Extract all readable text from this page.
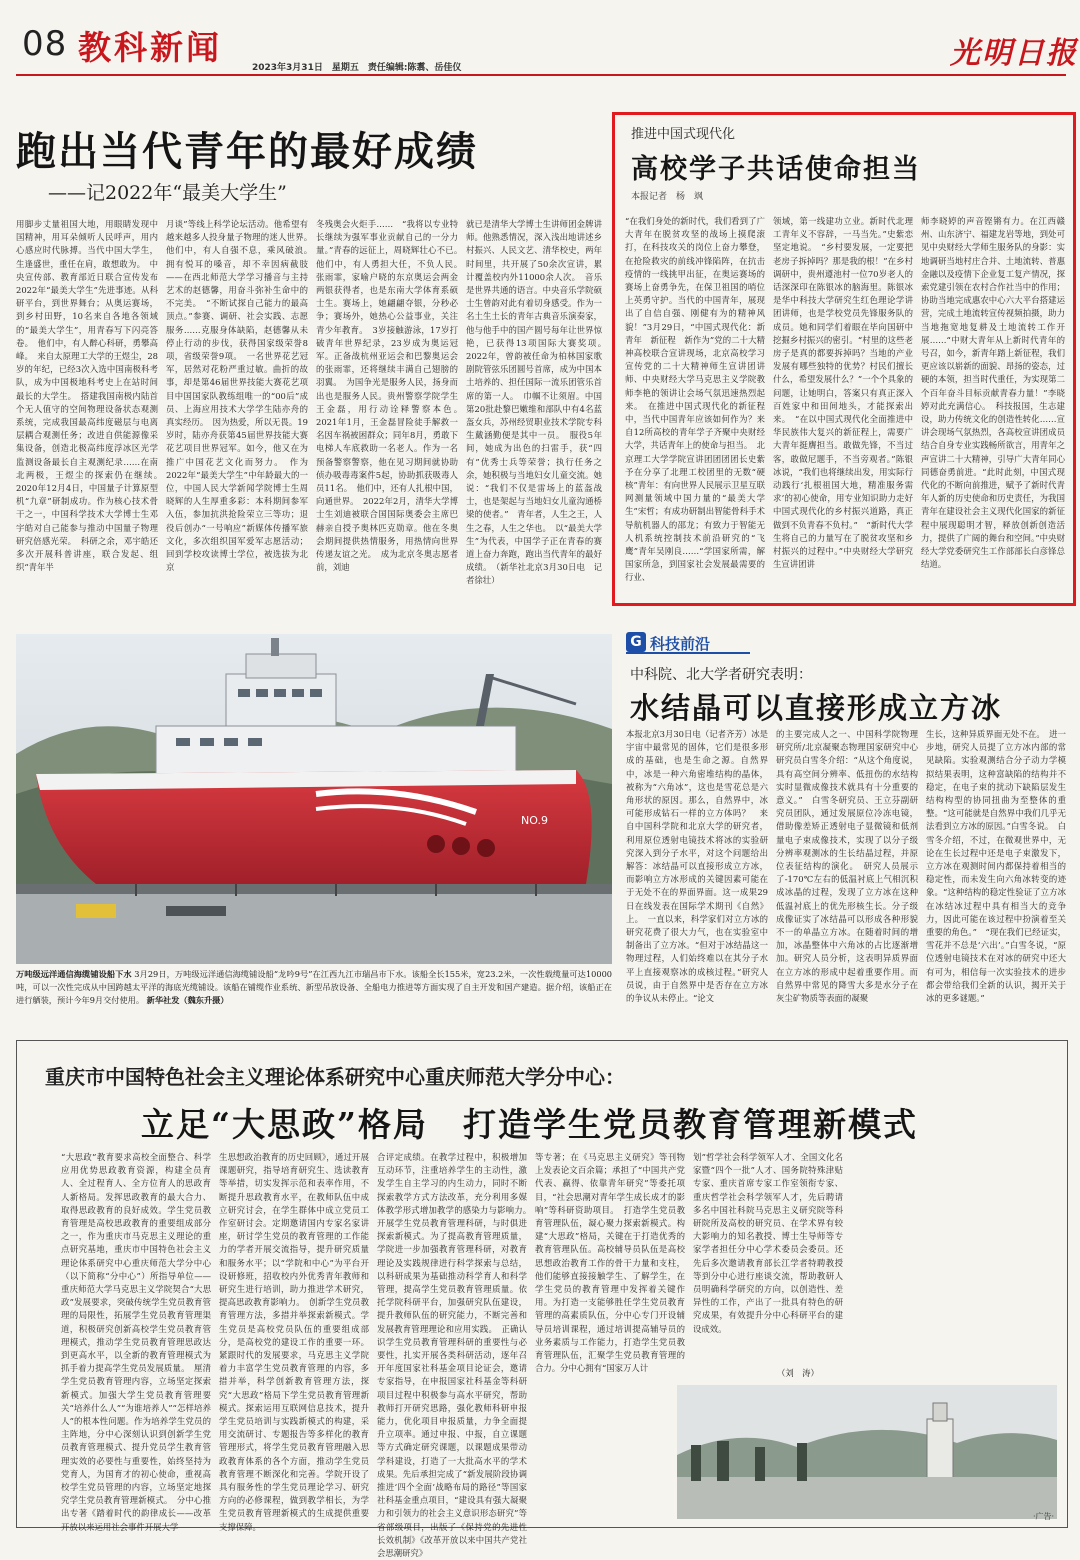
08 教科新闻
2023年3月31日　星期五　责任编辑:陈翥、岳佳仪	光明日报
跑出当代青年的最好成绩
——记2022年“最美大学生”
用脚步丈量祖国大地，用眼睛发现中国精神，用耳朵倾听人民呼声，用内心感应时代脉搏。当代中国大学生，生逢盛世，重任在肩，敢想敢为。　中央宣传部、教育部近日联合宣传发布2022年“最美大学生”先进事迹。从科研平台，到世界舞台；从奥运赛场，到乡村田野，10名来自各地各领域的“最美大学生”，用青春写下闪亮答卷。　他们中，有人醉心科研，勇攀高峰。　来自太原理工大学的王煜尘，28岁的年纪，已经3次入选中国南极科考队，成为中国极地科考史上在站时间最长的大学生。　搭建我国南极内陆首个无人值守的空间物理设备状态观测系统，完成我国最高纬度磁层与电离层耦合观测任务；改进自供能源像采集设备，创造北极高纬度浮冰区光学监测设备最长自主观测纪录……在南北两极，王煜尘的探索仍在继续。　2020年12月4日，中国量子计算原型机“九章”研制成功。作为核心技术骨干之一，中国科学技术大学博士生邓宇皓对自己能参与推动中国量子物理研究倍感光荣。　科研之余，邓宇皓还多次开展科普讲座，联合发起、组织“青年半
月谈”等线上科学论坛活动。他希望有越来越多人投身量子物理的迷人世界。　他们中，有人自强不息，乘风破浪。　拥有悦耳的嗓音，却不幸因病截肢——在西北师范大学学习播音与主持艺术的赵德馨，用奋斗弥补生命中的不完美。　“不断试探自己能力的最高顶点。”参赛、调研、社会实践、志愿服务……克服身体缺陷，赵德馨从未停止行动的步伐，获得国家级荣誉8项，省级荣誉9项。　一名世界花艺冠军，居然对花粉严重过敏。曲折的故事，却是第46届世界技能大赛花艺项目中国国家队教练组唯一的“00后”成员、上海应用技术大学学生陆亦舟的真实经历。　因为热爱，所以无畏。19岁时，陆亦舟获第45届世界技能大赛花艺项目世界冠军。如今，他又在为推广中国花艺文化而努力。　作为2022年“最美大学生”中年龄最大的一位，中国人民大学新闻学院博士生周晓辉的人生厚重多彩：本科期间参军入伍，参加抗洪抢险荣立三等功；退役后创办“一号响应”新媒体传播军旅文化，多次组织国军爱军志愿活动；回到学校攻读博士学位，被选拔为北京
冬残奥会火炬手……　“我将以专业特长继续为强军事业贡献自己的一分力量。”青春的远征上，周晓辉壮心不已。　他们中，有人勇担大任，不负人民。　张雨霏，家喻户晓的东京奥运会两金两银获得者，也是东南大学体育系硕士生。赛场上，她翩翩夺银，分秒必争；赛场外，她热心公益事业，关注青少年教育。　3岁接触游泳，17岁打破青年世界纪录，23岁成为奥运冠军。正备战杭州亚运会和巴黎奥运会的张雨霏，还将继续丰满自己翅膀的羽翼。　为国争光是服务人民，扬身而出也是服务人民。贵州警察学院学生王金磊，用行动诠释警察本色。　2021年1月，王金磊冒险徒手解救一名因车祸被困群众；同年8月，勇敢下电梯人车底救助一名老人。作为一名预备警察警察，他在见习期间就协助侦办吸毒毒案件5起，协助抓获吸毒人员11名。　他们中，还有人扎根中国，向通世界。　2022年2月，清华大学博士生刘迪被联合国国际奥委会主席巴赫亲自授予奥林匹克勋章。他在冬奥会期间提供热情服务，用热情向世界传递友谊之光。　成为北京冬奥志愿者前，刘迪
就已是清华大学博士生讲师团金牌讲师。他熟悉情况，深入浅出地讲述乡村振兴、人民文艺、清华校史，两年时间里，共开展了50余次宣讲，累计覆盖校内外11000余人次。　音乐是世界共通的语言。中央音乐学院硕士生曾韵对此有着切身感受。作为一名土生土长的青年古典音乐演奏家，他与他手中的国产圆号每年让世界惊艳，已获得13项国际大赛奖项。　2022年，曾韵被任命为柏林国家歌剧院管弦乐团圆号首席，成为中国本土培养的、担任国际一流乐团管乐首席的第一人。　巾帼不让须眉。中国第20批赴黎巴嫩维和部队中有4名蓝盔女兵，苏州经贸职业技术学院专科生戴涵勤便是其中一员。　服役5年间，她成为出色的扫雷手，获“四有”优秀士兵等荣誉；执行任务之余，她积极与当地妇女儿童交流。她说：“我们不仅是雷场上的蓝盔战士，也是架起与当地妇女儿童沟通桥梁的使者。”　青年者，人生之王，人生之春，人生之华也。　以“最美大学生”为代表，中国学子正在青春的赛道上奋力奔跑，跑出当代青年的最好成绩。　（新华社北京3月30日电　记者徐壮）
推进中国式现代化
高校学子共话使命担当
本报记者　杨　飒
“在我们身处的新时代，我们看到了广大青年在脱贫攻坚的战场上摸爬滚打，在科技攻关的岗位上奋力攀登，在抢险救灾的前线冲锋陷阵，在抗击疫情的一线挑甲出征，在奥运赛场的赛场上奋勇争先，在保卫祖国的哨位上英勇守护。当代的中国青年，展现出了自信自强、刚健有为的精神风貌！”3月29日，“中国式现代化：新青年　新征程　新作为”党的二十大精神高校联合宣讲现场，北京高校学习宣传党的二十大精神师生宣讲团讲师、中央财经大学马克思主义学院教师李艳的领讲让会场气氛迅速热烈起来。　在推进中国式现代化的新征程中，当代中国青年应该如何作为？来自12所高校的青年学子齐聚中央财经大学，共话青年上的使命与担当。　北京理工大学学院宣讲团团团团长史紫予在分享了北理工校团里的无数“硬核”青年：有向世界人民展示卫星互联网测量领域中国力量的“最美大学生”宋哲；有成功研制出智能骨科手术导航机器人的邵龙；有致力于智能无人机系统控制技术前沿研究的“飞鹰”青年吴刚良……“学国家所需，解国家所急，到国家社会发展最需要的行业、
领域，第一线建功立业。新时代北理工青年义不容辞，一马当先。”史紫恋坚定地说。　“乡村要发展，一定要把老房子拆掉吗？那是我的根！”在乡村调研中，贵州遵池村一位70岁老人的话深深印在陈银冰的脑海里。陈银冰是华中科技大学研究生红色理论学讲团讲师，也是学校党员先锋服务队的成员。她和同学们着眼在毕向国研中挖掘乡村振兴的密引。“村里的这些老房子是真的都要拆掉吗？当地的产业发展有哪些独特的优势？村民们擅长什么，希望发展什么？”一个个具象的问题，让她明白，答案只有真正深入百姓家中和田间地头，才能探索出来。　“在以中国式现代化全面推进中华民族伟大复兴的新征程上，需要广大青年挺膺担当。敢做先锋，不当过客，敢做尼题手，不当旁观者。”陈银冰说，“我们也将继续出发，用实际行动践行‘扎根祖国大地，精准服务需求’的初心使命，用专业知识助力走好中国式现代化的乡村振兴道路，真正做到不负青春不负村。”　“新时代大学生将自己的力量写在了脱贫攻坚和乡村振兴的过程中。”中央财经大学研究生宣讲团讲
师李晓婷的声音铿锵有力。在江西赣州、山东济宁、福建龙岩等地，到处可见中央财经大学师生服务队的身影：实地调研当地村庄合并、土地流转、普惠金融以及疫情下企业复工复产情况，探索党建引领在农村合作社当中的作用；协助当地完成惠农中心六大平台搭建运营，完成土地流转宣传视频拍摄，助力当地拖宽地复耕及土地流转工作开展……“中财大青年从上新时代青年的号召，如今，新青年踏上新征程，我们更应该以崭新的面貌、昂扬的姿态，过硬的本领，担当时代重任，为实现第二个百年奋斗目标贡献青春力量！”李晓婷对此充满信心。　科技报国，生志建设，助力传统文化的创造性转化……宣讲会现场气氛热烈，各高校宣讲团成员结合自身专业实践畅所欲言，用青年之声宣讲二十大精神，引导广大青年同心同德奋勇前进。“此时此刻，中国式现代化的不断向前推进，赋予了新时代青年人新的历史使命和历史责任，为我国青年在建设社会主义现代化国家的新征程中展现聪明才智，释放创新创造活力，提供了广阔的舞台和空间。”中央财经大学党委研究生工作部部长白彦锋总结道。
NO.9
万吨级远洋通信海缆铺设船下水 3月29日，万吨级远洋通信海缆铺设船“龙吟9号”在江西九江市瑞昌市下水。该船全长155米，宽23.2米，一次性载缆量可达10000吨，可以一次性完成从中国跨越太平洋的海底光缆铺设。该船在铺缆作业系统、新型吊放设备、全船电力推进等方面实现了自主开发和国产建造。据介绍，该船正在进行舾装，预计今年9月交付使用。 新华社发（魏东升摄）
G 科技前沿
中科院、北大学者研究表明：
水结晶可以直接形成立方冰
本报北京3月30日电（记者齐芳）冰是宇宙中最常见的固体，它们是很多形成的基础，也是生命之源。自然界中，冰是一种六角密堆结构的晶体，被称为“六角冰”，这也是雪花总是六角形状的原因。那么，自然界中，冰可能形成钻石一样的立方体吗？　来自中国科学院和北京大学的研究者，利用原位透射电镜技术将冰的实验研究深入到分子水平，对这个问题给出解答：冰结晶可以直接形成立方冰，而影响立方冰形成的关键因素可能在于无处不在的界面界面。这一成果29日在线发表在国际学术期刊《自然》上。　一直以来，科学家们对立方冰的研究花费了很大力气，也在实验室中制备出了立方冰。“但对于冰结晶这一物理过程，人们始终难以在其分子水平上直接观察冰的成核过程。”研究人员说，由于自然界中是否存在立方冰的争议从未停止。“论文
的主要完成人之一、中国科学院物理研究所/北京凝聚态物理国家研究中心研究员白雪冬介绍：“从这个角度说，具有高空间分辨率、低扭伤的水结构实时显微成像技术就具有十分重要的意义。”　白雪冬研究员、王立芬副研究员团队，通过发展原位冷冻电镜，借助像差矫正透射电子显微镜和低剂量电子束成像技术，实现了以分子级分辨率观测冰的生长结晶过程，并原位表征结构的演化。　研究人员展示了-170℃左右的低温衬底上气相沉积成冰晶的过程，发现了立方冰在这种低温衬底上的优先形核生长。分子级成像证实了冰结晶可以形成各种形貌不一的单晶立方冰。在随着时间的增加，冰晶整体中六角冰的占比逐渐增加。研究人员分析，这表明异质界面在立方冰的形成中起着重要作用。而自然界中常见的降雪大多是水分子在灰尘矿物质等表面的凝聚
生长，这种异质界面无处不在。　进一步地，研究人员提了立方冰内部的常见缺陷。实验观测结合分子动力学模拟结果表明，这种富缺陷的结构并不稳定，在电子束的扰动下缺陷层发生结构构型的协同扭曲为至整体的重整。“这可能就是自然界中我们几乎无法看到立方冰的原因。”白雪冬说。　白雪冬介绍，不过，在微观世界中，无论在生长过程中还是电子束激发下，立方冰在观测时间内都保持着相当的稳定性，而未发生向六角冰转变的迹象。“这种结构的稳定性验证了立方冰在冰结冰过程中具有相当大的竞争力，因此可能在该过程中扮演着至关重要的角色。”　“现在我们已经证实，雪花并不总是‘六出’。”白雪冬说，“原位透射电镜技术在对冰的研究中还大有可为，相信每一次实验技术的进步都会带给我们全新的认识，揭开关于冰的更多谜题。”
重庆市中国特色社会主义理论体系研究中心重庆师范大学分中心：
立足“大思政”格局　打造学生党员教育管理新模式
“大思政”教育要求高校全面整合、科学应用优势思政教育资源，构建全员育人、全过程育人、全方位育人的思政育人新格局。发挥思政教育的最大合力、取得思政教育的良好成效。学生党员教育管理是高校思政教育的重要组成部分之一，作为重庆市马克思主义理论的重点研究基地，重庆市中国特色社会主义理论体系研究中心重庆师范大学分中心（以下简称“分中心”）所指导单位——重庆师范大学马克思主义学院契合“大思政”发展要求，突破传统学生党员教育管理的局限性，拓展学生党员教育管理渠道，积极研究创新高校学生党员教育管理模式，推动学生党员教育管理思政达到更高水平，以全新的教育管理模式为抓手着力提高学生党员发展质量。　厘清学生党员教育管理内容，立场坚定探索新模式。加强大学生党员教育管理要关“培养什么人”“为谁培养人”“怎样培养人”的根本性问题。作为培养学生党员的主阵地，分中心深刻认识到创新学生党员教育管理模式、提升党员学生教育管理实效的必要性与重要性，始终坚持为党育人，为国育才的初心使命，重视高校学生党员管理的内容，立场坚定地探究学生党员教育管理新模式。　分中心推出专著《踏着时代的韵律成长——改革开放以来运用社会事件开展大学
生思想政治教育的历史回顾》，通过开展课题研究，指导培育研究生、选读教育等举措，切实发挥示范和表率作用，不断提升思政教育水平，在教师队伍中成立研究讨会，在学生群体中成立党员工作室研讨会。定期邀请国内专家名家讲座，研讨学生党员的教育管理的工作能力的学者开展交流指导，提升研究质量和服务水平；以“学院和中心”为平台开设研修班，招收校内外优秀青年教师和研究生进行培训，助力推进学术研究，提高思政教育影响力。　创新学生党员教育管理方法，多措并举探索新模式。学生党员是高校党员队伍的重要组成部分，是高校党的建设工作的重要一环。紧跟时代的发展要求，马克思主义学院着力丰富学生党员教育管理的内容，多措并举，科学创新教育管理方法，探究“大思政”格局下学生党员教育管理新模式。探索运用互联网信息技术，提升学生党员培训与实践新模式的构建，采用交流研讨、专题报告等多样化的教育管理形式，将学生党员教育管理融入思政教育体系的各个方面，推动学生党员教育管理不断深化和完善。学院开设了具有服务性的学生党员理论学习、研究方向的必修课程，做到教学相长，为学生党员教育管理新模式的生成提供重要支撑保障。
合评定成绩。在教学过程中，积极增加互动环节，注重培养学生的主动性，激发学生自主学习的内生动力，同时不断探索教学方式方法改革，充分利用多媒体教学形式增加教学的感染力与影响力。　开展学生党员教育管理科研，与时俱进探索新模式。为了提高教育管理质量，学院进一步加强教育管理科研，对教育理论及实践规律进行科学探索与总结，以科研成果为基础推动科学育人和科学管理，提高学生党员教育管理质量。依托学院科研平台，加强研究队伍建设，提升教师队伍的研究能力，不断完善和发展教育管理理论和应用实践。　正确认识学生党员教育管理科研的重要性与必要性，扎实开展各类科研活动，逐年召开年度国家社科基金项目论证会，邀请专家指导，在申报国家社科基金等科研项目过程中积极参与高水平研究，帮助教师打开研究思路，强化教师科研申报能力，优化项目申报质量，力争全面提升立项率。通过申报、中报，自立课题等方式确定研究课题，以课题成果带动学科建设，打造了一大批高水平的学术成果。先后承担完成了“新发展阶段协调推进‘四个全面’战略布局的路径”等国家社科基金重点项目，“建设具有强大凝聚力和引领力的社会主义意识形态研究”等省部级项目，出版了《保持党的先进性长效机制》《改革开放以来中国共产党社会思潮研究》
等专著；在《马克思主义研究》等刊物上发表论文百余篇；承担了“中国共产党代表、赢得、依靠青年研究”等委托项目，“社会思潮对青年学生成长成才的影响”等科研资助项目。　打造学生党员教育管理队伍，凝心聚力探索新模式。构建“大思政”格局，关键在于打造优秀的教育管理队伍。高校辅导员队伍是高校思想政治教育工作的骨干力量和支柱，他们能够直接接触学生、了解学生，在学生党员的教育管理中发挥着关键作用。为打造一支能够胜任学生党员教育管理的高素质队伍，分中心专门开设辅导员培训课程，通过培训提高辅导员的业务素质与工作能力，打造学生党员教育管理队伍，汇聚学生党员教育管理的合力。分中心拥有“国家万人计
划”哲学社会科学领军人才、全国文化名家暨“四个一批”人才、国务院特殊津贴专家、重庆首席专家工作室领衔专家、重庆哲学社会科学领军人才，先后聘请多名中国社科院马克思主义研究院等科研院所及高校的研究员、在学术界有较大影响力的知名教授、博士生导师等专家学者担任分中心学术委员会委员。还先后多次邀请教育部长江学者特聘教授等到分中心进行座谈交流，帮助教研人员明确科学研究的方向，以创造性、差异性的工作，产出了一批具有特色的研究成果，有效提升分中心科研平台的建设成效。
（刘　涛）
·广告·
